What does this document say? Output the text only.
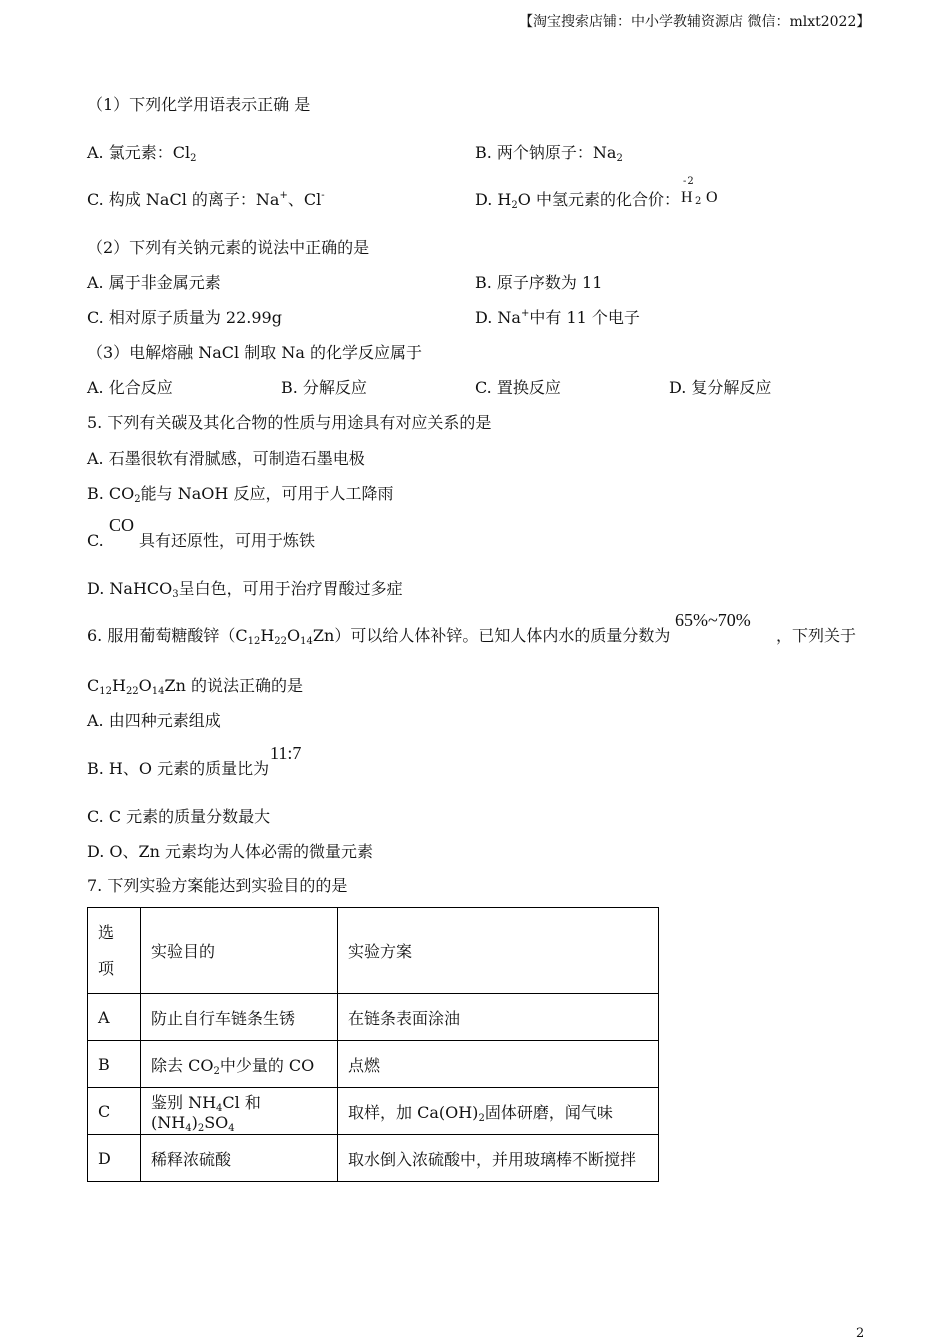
【淘宝搜索店铺：中小学教辅资源店 微信：mlxt2022】
（1）下列化学用语表示正确 是
A. 氯元素：$Cl_2$	B. 两个钠原子：$Na_2$
C. 构成 NaCl 的离子：Na+、Cl-	D. $H_2O$ 中氢元素的化合价：
-2
H 2 O
（2）下列有关钠元素的说法中正确的是
A. 属于非金属元素	B. 原子序数为 11
C. 相对原子质量为 22.99g	D. Na+中有 11 个电子
（3）电解熔融 NaCl 制取 Na 的化学反应属于
A. 化合反应	B. 分解反应	C. 置换反应	D. 复分解反应
5. 下列有关碳及其化合物的性质与用途具有对应关系的是
A. 石墨很软有滑腻感，可制造石墨电极
B. $CO_2$能与 NaOH 反应，可用于人工降雨
C.
CO
具有还原性，可用于炼铁
D. NaHCO$_3$呈白色，可用于治疗胃酸过多症
6. 服用葡萄糖酸锌$(C_{12}H_{22}O_{14}Zn)$可以给人体补锌。已知人体内水的质量分数为
65%~70%
，下列关于
$C_{12}H_{22}O_{14}Zn$ 的说法正确的是
A. 由四种元素组成
B. H、O 元素的质量比为
11:7
C. C 元素的质量分数最大
D. O、Zn 元素均为人体必需的微量元素
7. 下列实验方案能达到实验目的的是
选
项	实验目的	实验方案
A	防止自行车链条生锈	在链条表面涂油
B	除去 $CO_2$中少量的 CO	点燃
C	鉴别 $NH_4Cl$ 和$(NH_4)_2SO_4$	取样，加 $Ca(OH)_2$固体研磨，闻气味
D	稀释浓硫酸	取水倒入浓硫酸中，并用玻璃棒不断搅拌
2
